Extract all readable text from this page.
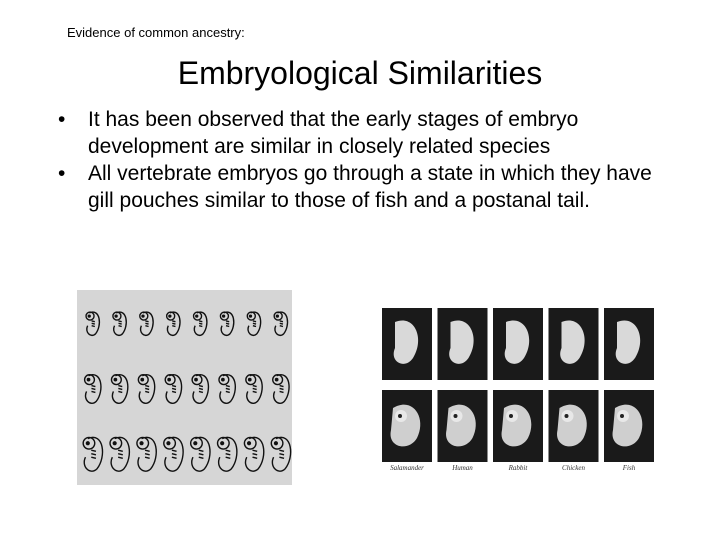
Evidence of common ancestry:
Embryological Similarities
• It has been observed that the early stages of embryo development are similar in closely related species
• All vertebrate embryos go through a state in which they have gill pouches similar to those of fish and a postanal tail.
Salamander	Human	Rabbit	Chicken	Fish
